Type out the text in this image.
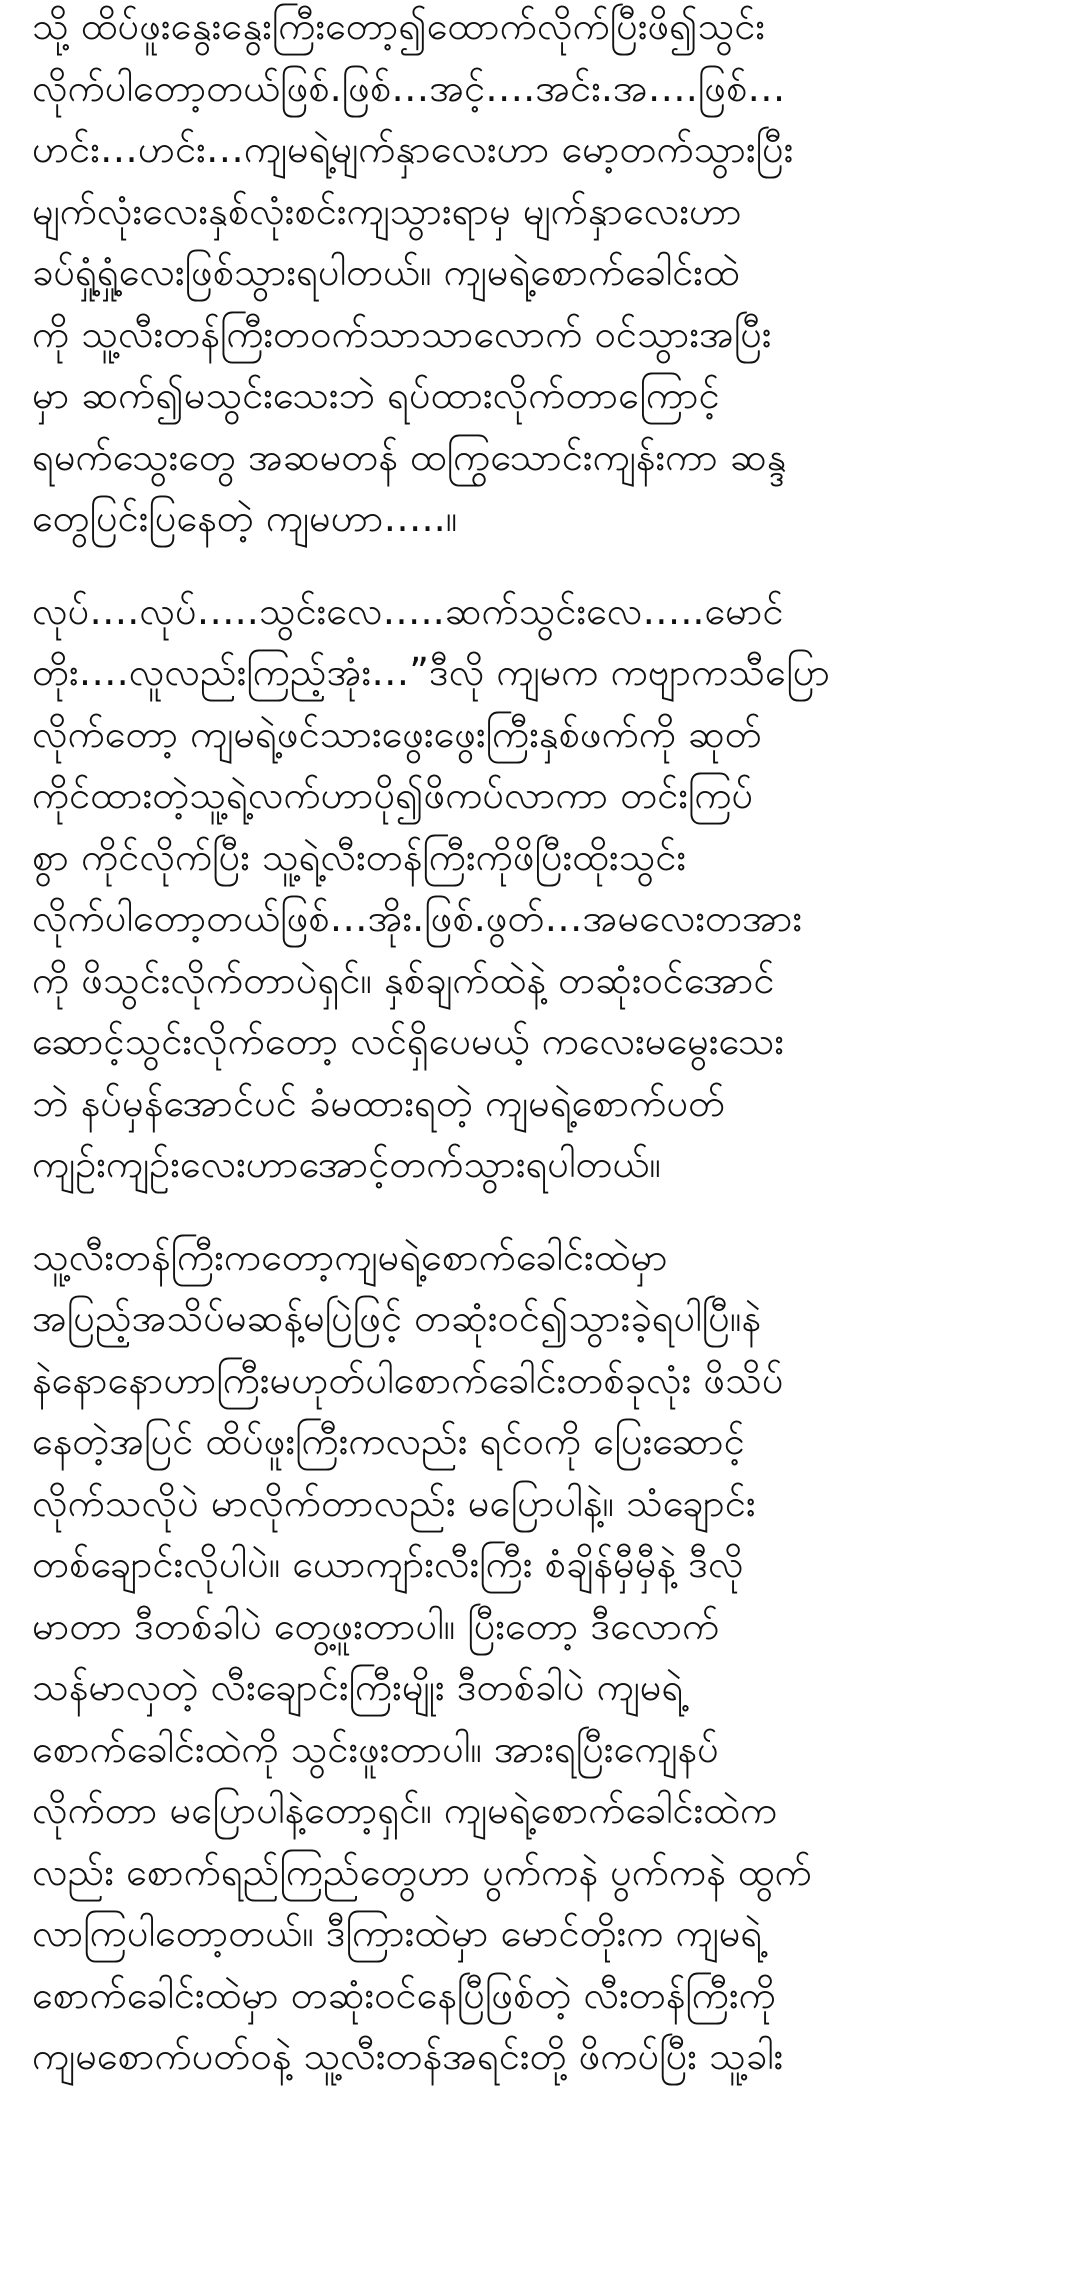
သို့ ထိပ်ဖူးနွေးနွေးကြီးတော့၍ထောက်လိုက်ပြီးဖိ၍သွင်း
လိုက်ပါတော့တယ်ဖြစ်.ဖြစ်…အင့်….အင်း.အ….ဖြစ်…
ဟင်း…ဟင်း…ကျမရဲ့မျက်နှာလေးဟာ မော့တက်သွားပြီး
မျက်လုံးလေးနှစ်လုံးစင်းကျသွားရာမှ မျက်နှာလေးဟာ
ခပ်ရှုံ့ရှုံ့လေးဖြစ်သွားရပါတယ်။ ကျမရဲ့စောက်ခေါင်းထဲ
ကို သူ့လီးတန်ကြီးတဝက်သာသာလောက် ဝင်သွားအပြီး
မှာ ဆက်၍မသွင်းသေးဘဲ ရပ်ထားလိုက်တာကြောင့်
ရမက်သွေးတွေ အဆမတန် ထကြွသောင်းကျန်းကာ ဆန္ဒ
တွေပြင်းပြနေတဲ့ ကျမဟာ…..။
လုပ်….လုပ်…..သွင်းလေ…..ဆက်သွင်းလေ…..မောင်
တိုး….လူလည်းကြည့်အုံး…”ဒီလို ကျမက ကဗျာကသီပြော
လိုက်တော့ ကျမရဲ့ဖင်သားဖွေးဖွေးကြီးနှစ်ဖက်ကို ဆုတ်
ကိုင်ထားတဲ့သူ့ရဲ့လက်ဟာပို၍ဖိကပ်လာကာ တင်းကြပ်
စွာ ကိုင်လိုက်ပြီး သူ့ရဲ့လီးတန်ကြီးကိုဖိပြီးထိုးသွင်း
လိုက်ပါတော့တယ်ဖြစ်…အိုး.ဖြစ်.ဖွတ်…အမလေးတအား
ကို ဖိသွင်းလိုက်တာပဲရှင်။ နှစ်ချက်ထဲနဲ့ တဆုံးဝင်အောင်
ဆောင့်သွင်းလိုက်တော့ လင်ရှိပေမယ့် ကလေးမမွေးသေး
ဘဲ နပ်မှန်အောင်ပင် ခံမထားရတဲ့ ကျမရဲ့စောက်ပတ်
ကျဉ်းကျဉ်းလေးဟာအောင့်တက်သွားရပါတယ်။
သူ့လီးတန်ကြီးကတော့ကျမရဲ့စောက်ခေါင်းထဲမှာ
အပြည့်အသိပ်မဆန့်မပြဲဖြင့် တဆုံးဝင်၍သွားခဲ့ရပါပြီ။နဲ
နဲနောနောဟာကြီးမဟုတ်ပါစောက်ခေါင်းတစ်ခုလုံး ဖိသိပ်
နေတဲ့အပြင် ထိပ်ဖူးကြီးကလည်း ရင်ဝကို ပြေးဆောင့်
လိုက်သလိုပဲ မာလိုက်တာလည်း မပြောပါနဲ့။ သံချောင်း
တစ်ချောင်းလိုပါပဲ။ ယောကျာ်းလီးကြီး စံချိန်မှီမှီနဲ့ ဒီလို
မာတာ ဒီတစ်ခါပဲ တွေ့ဖူးတာပါ။ ပြီးတော့ ဒီလောက်
သန်မာလှတဲ့ လီးချောင်းကြီးမျိုး ဒီတစ်ခါပဲ ကျမရဲ့
စောက်ခေါင်းထဲကို သွင်းဖူးတာပါ။ အားရပြီးကျေနပ်
လိုက်တာ မပြောပါနဲ့တော့ရှင်။ ကျမရဲ့စောက်ခေါင်းထဲက
လည်း စောက်ရည်ကြည်တွေဟာ ပွက်ကနဲ ပွက်ကနဲ ထွက်
လာကြပါတော့တယ်။ ဒီကြားထဲမှာ မောင်တိုးက ကျမရဲ့
စောက်ခေါင်းထဲမှာ တဆုံးဝင်နေပြီဖြစ်တဲ့ လီးတန်ကြီးကို
ကျမစောက်ပတ်ဝနဲ့ သူ့လီးတန်အရင်းတို့ ဖိကပ်ပြီး သူ့ခါး
